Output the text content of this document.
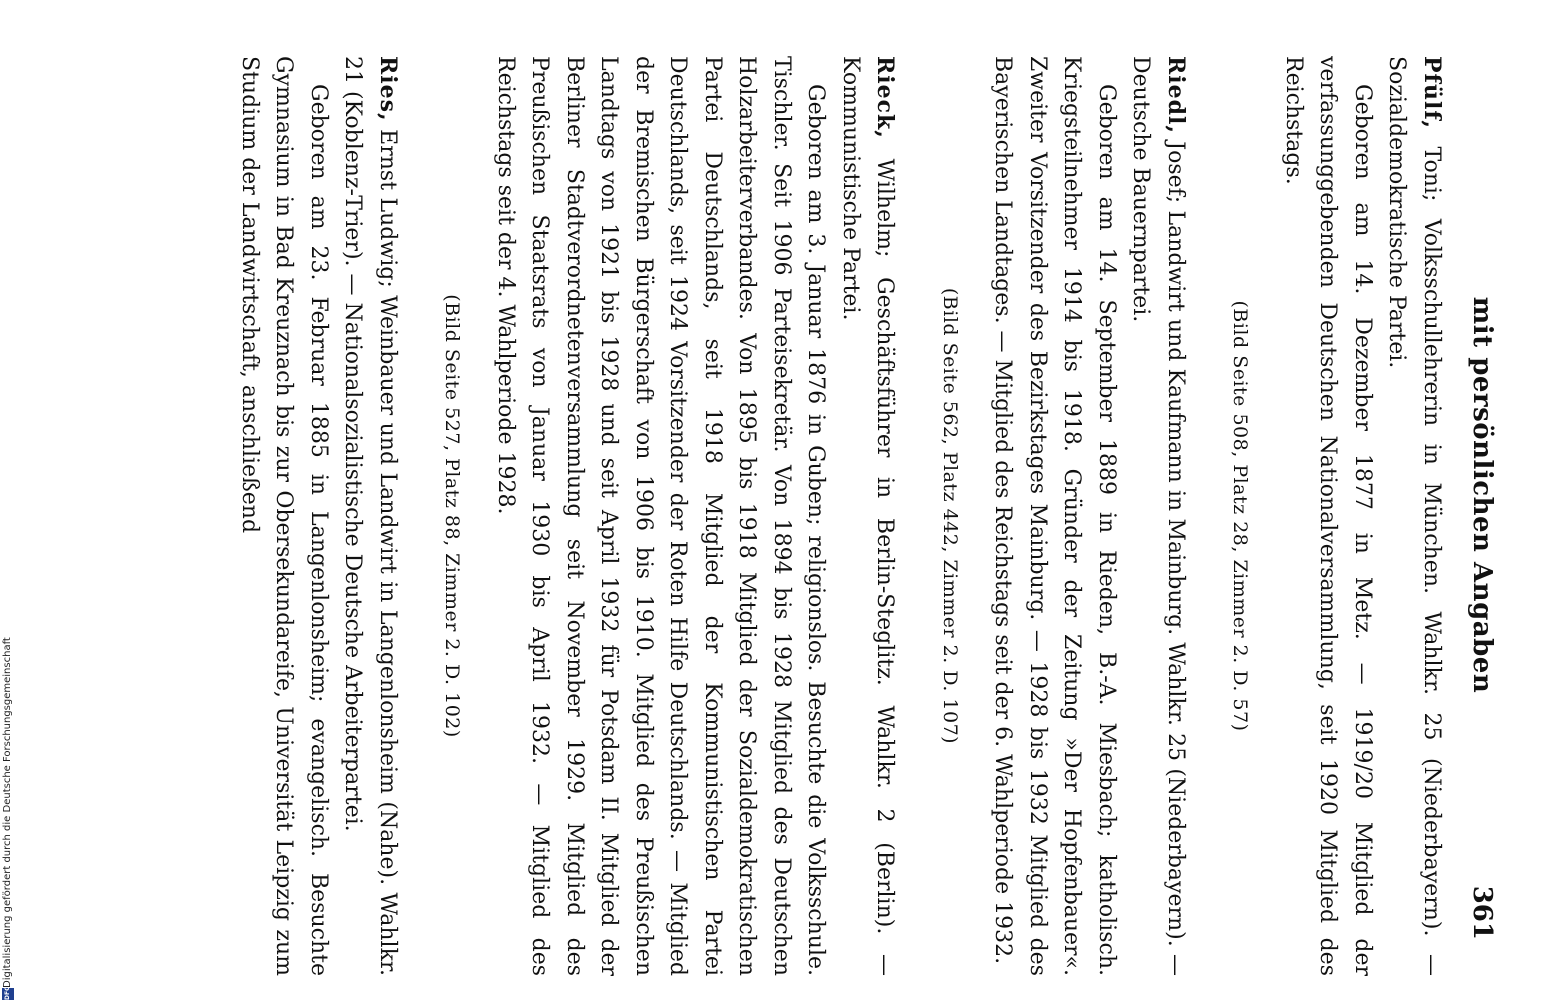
mit persönlichen Angaben
361

Pfülf, Toni; Volksschullehrerin in München. Wahlkr. 25 (Niederbayern). — Sozialdemokratische Partei.

Geboren am 14. Dezember 1877 in Metz. — 1919/20 Mitglied der verfassunggebenden Deutschen Nationalversammlung, seit 1920 Mitglied des Reichstags.

(Bild Seite 508, Platz 28, Zimmer 2. D. 57)

Riedl, Josef; Landwirt und Kaufmann in Mainburg. Wahlkr. 25 (Niederbayern). — Deutsche Bauernpartei.

Geboren am 14. September 1889 in Rieden, B.-A. Miesbach; katholisch. Kriegsteilnehmer 1914 bis 1918. Gründer der Zeitung »Der Hopfenbauer«. Zweiter Vorsitzender des Bezirkstages Mainburg. — 1928 bis 1932 Mitglied des Bayerischen Landtages. — Mitglied des Reichstags seit der 6. Wahlperiode 1932.

(Bild Seite 562, Platz 442, Zimmer 2. D. 107)

Rieck, Wilhelm; Geschäftsführer in Berlin-Steglitz. Wahlkr. 2 (Berlin). — Kommunistische Partei.

Geboren am 3. Januar 1876 in Guben; religionslos. Besuchte die Volksschule. Tischler. Seit 1906 Parteisekretär. Von 1894 bis 1928 Mitglied des Deutschen Holzarbeiterverbandes. Von 1895 bis 1918 Mitglied der Sozialdemokratischen Partei Deutschlands, seit 1918 Mitglied der Kommunistischen Partei Deutschlands, seit 1924 Vorsitzender der Roten Hilfe Deutschlands. — Mitglied der Bremischen Bürgerschaft von 1906 bis 1910. Mitglied des Preußischen Landtags von 1921 bis 1928 und seit April 1932 für Potsdam II. Mitglied der Berliner Stadtverordnetenversammlung seit November 1929. Mitglied des Preußischen Staatsrats von Januar 1930 bis April 1932. — Mitglied des Reichstags seit der 4. Wahlperiode 1928.

(Bild Seite 527, Platz 88, Zimmer 2. D. 102)

Ries, Ernst Ludwig; Weinbauer und Landwirt in Langenlonsheim (Nahe). Wahlkr. 21 (Koblenz-Trier). — Nationalsozialistische Deutsche Arbeiterpartei.

Geboren am 23. Februar 1885 in Langenlonsheim; evangelisch. Besuchte Gymnasium in Bad Kreuznach bis zur Obersekundareife, Universität Leipzig zum Studium der Landwirtschaft, anschließend

DFG
Digitalisierung gefördert durch die Deutsche Forschungsgemeinschaft
